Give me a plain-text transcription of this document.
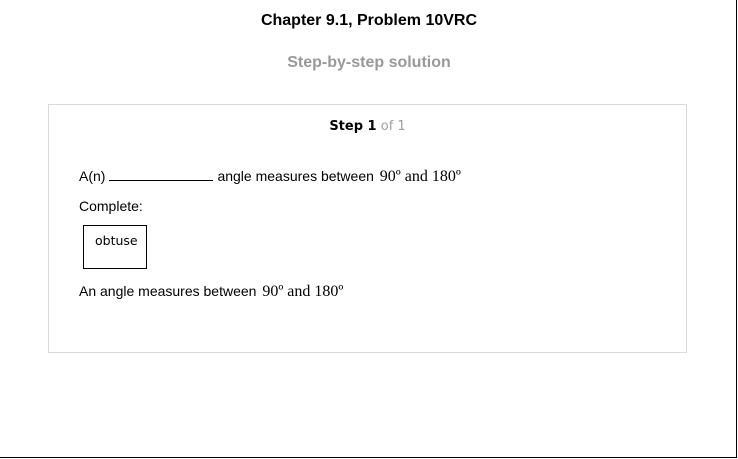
Chapter 9.1, Problem 10VRC
Step-by-step solution
Step 1 of 1
A(n)	angle measures between 90º and 180º
Complete:
obtuse
An angle measures between 90º and 180º
